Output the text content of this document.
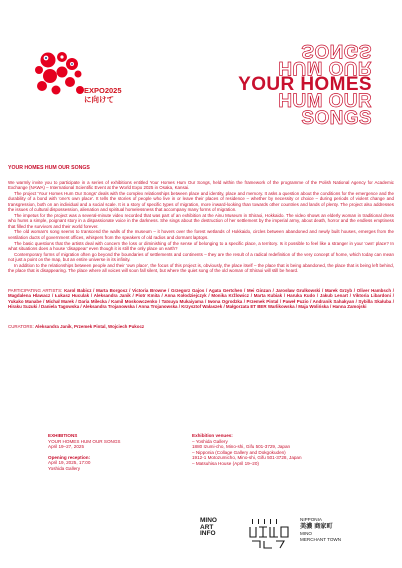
EXPO2025
に向けて
SONGS
HUM OUR
YOUR HOMES
HUM OUR
SONGS
YOUR HOMES HUM OUR SONGS

We warmly invite you to participate in a series of exhibitions entitled Your Homes Hum Our Songs, held within the framework of the programme of the Polish National Agency for Academic Exchange (NAWA) – International Scientific Event at the World Expo 2025 in Osaka, Kansai.

The project 'Your Homes Hum Our Songs' deals with the complex relationships between place and identity, place and memory. It asks a question about the conditions for the emergence and the durability of a bond with 'one's own place'. It tells the stories of people who live in or leave their places of residence – whether by necessity or choice – during periods of violent change and transgression, both on an individual and a social scale. It is a story of specific types of migration, more inward-looking than towards other countries and lands of plenty. The project also addresses the issues of cultural dispossession, alienation and spiritual homelessness that accompany many forms of migration.

The impetus for the project was a several-minute video recorded that was part of an exhibition at the Ainu Museum in Shiraoi, Hokkaido. The video shows an elderly woman in traditional dress who hums a simple, poignant story in a dispassionate voice in the darkness. She sings about the destruction of her settlement by the imperial army, about death, horror and the endless emptiness that filled the survivors and their world forever.

The old woman's song seems to transcend the walls of the museum – it hovers over the forest wetlands of Hokkaido, circles between abandoned and newly built houses, emerges from the ventilation ducts of government offices, whispers from the speakers of old radios and dormant laptops.

The basic questions that the artists deal with concern the loss or diminishing of the sense of belonging to a specific place, a territory. Is it possible to feel like a stranger in your 'own' place? In what situations does a house 'disappear' even though it is still the only place on earth?

Contemporary forms of migration often go beyond the boundaries of settlements and continents – they are the result of a radical redefinition of the very concept of home, which today can mean not just a point on the map, but an entire universe in its infinity.

In addition to the relationships between people and their 'own place', the focus of this project is, obviously, the place itself – the place that is being abandoned, the place that is being left behind, the place that is disappearing. The place where all voices will soon fall silent, but where the quiet song of the old woman of Shiraoi will still be heard.

PARTICIPATING ARTISTS: Karol Babicz / Marta Borgosz / Victoria Browne / Grzegorz Gajos / Agata Gertchen / Mei Ginzan / Jarosław Grulkowski / Marek Grzyb / Oliver Hambsch / Magdalena Hlawacz / Łukasz Huculak / Aleksandra Janik / Piotr Kmita / Anna Kołodziejczyk / Monika Kržlowicz / Marta Kubiak / Haruka Kudo / Jakub Lenart / Viktoria Libardoni / Yukako Manabe / Michał Marek / Daria Milecka / Kamil Moskowczenko / Tatsuya Mukaiyama / Iwona Ogrodzka / Przemek Pintal / Paweł Puzio / Andranik Sahakyan / Sybilla Skałuba / Hiraku Suzuki / Daniela Tagowska / Aleksandra Trojanowska / Anna Trojanowska / Krzysztof Wałaszek / Małgorzata ET BER Warlikowska / Maja Wolińska / Hanna Zamojski
CURATORS: Aleksandra Janik, Przemek Pintal, Wojciech Pukocz
EXHIBITIONS
YOUR HOMES HUM OUR SONGS
April 19–27, 2025
Opening reception:
April 19, 2025, 17:00
Yoshida Gallery
Exhibition venues:
– Yoshida Gallery
1880 Izumi-cho, Mino-shi, Gifu 501-3729, Japan
– Nipponia (Collage Gallery and Dokgokuden)
1912-1 Motozumicho, Mino-shi, Gifu 501-3728, Japan
– Matsuhisa House (April 19–20)
MINO
ART
INFO
NIPPONIA
美濃 商家町
MINO
MERCHANT TOWN
